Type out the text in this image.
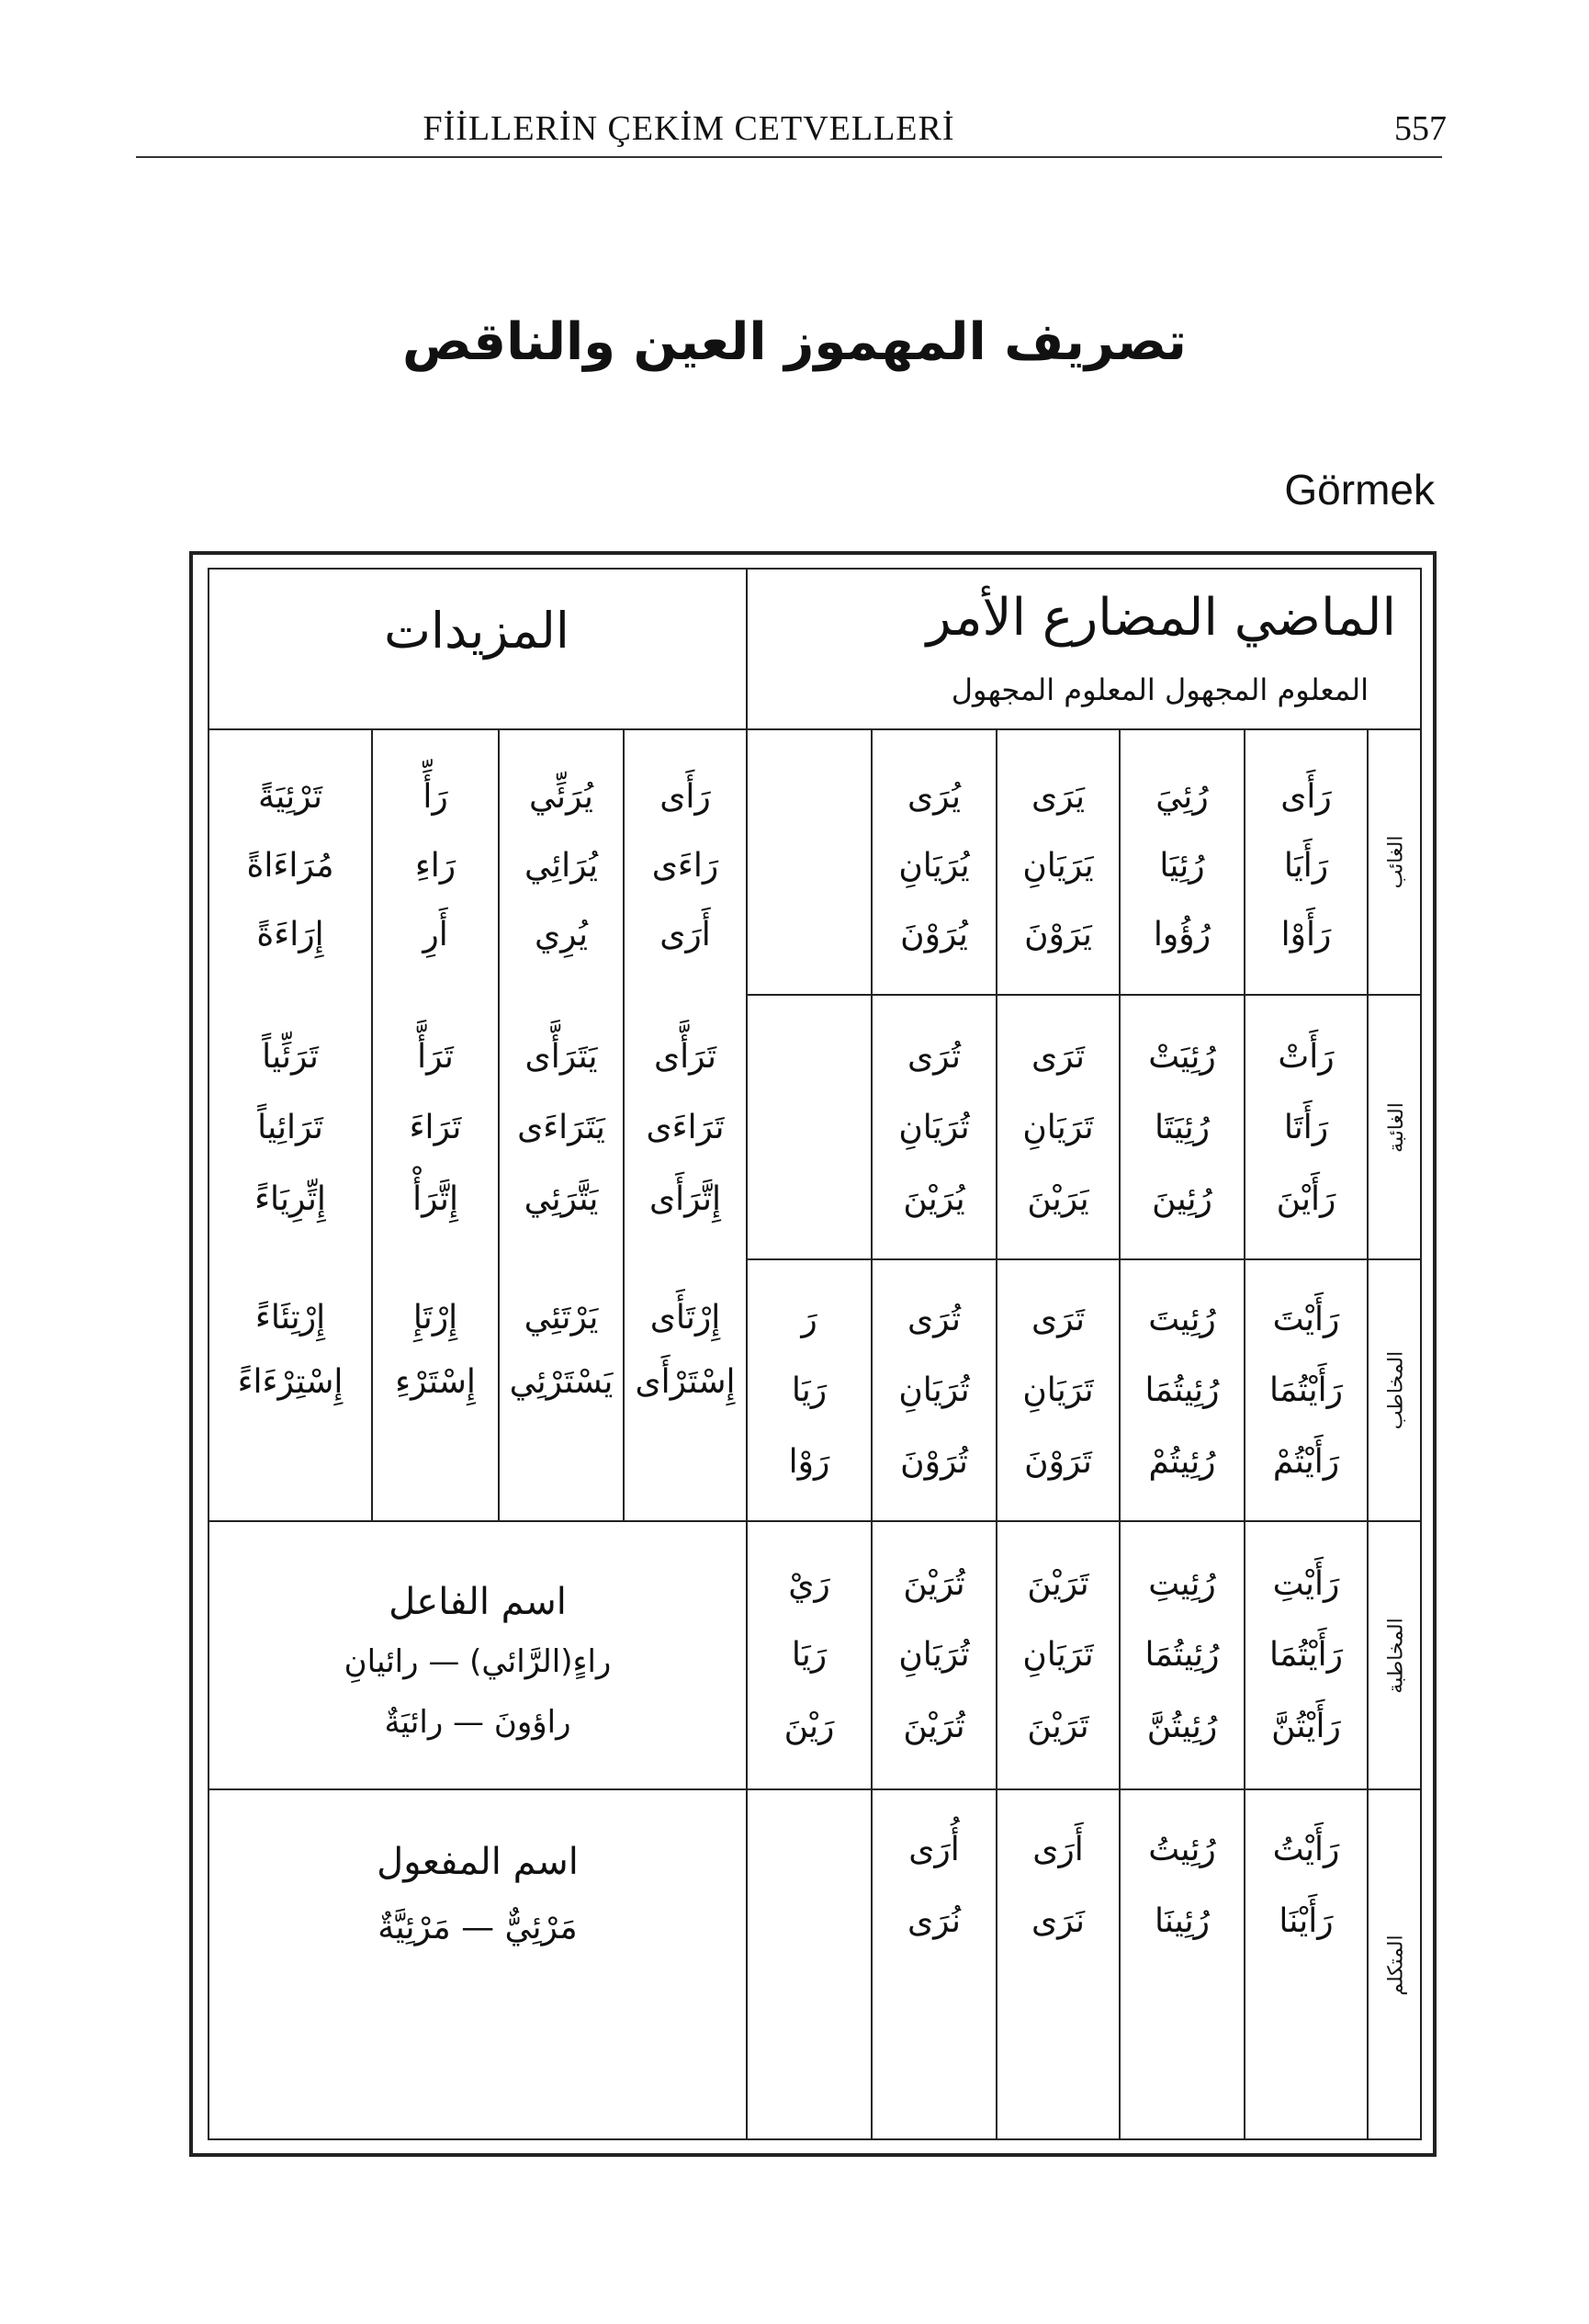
FİİLLERİN ÇEKİM CETVELLERİ	557
تصريف المهموز العين والناقص
Görmek
المزيدات	الماضي المضارع الأمر
المعلوم المجهول المعلوم المجهول
الغائب
الغائبة
المخاطب
المخاطبة
المتكلم
رَأَى
رَأَيَا
رَأَوْا
رُئِيَ
رُئِيَا
رُؤُوا
يَرَى
يَرَيَانِ
يَرَوْنَ
يُرَى
يُرَيَانِ
يُرَوْنَ
رَأَى
رَاءَى
أَرَى
يُرَئِّي
يُرَائِي
يُرِي
رَأِّ
رَاءِ
أَرِ
تَرْئِيَةً
مُرَاءَاةً
إِرَاءَةً
رَأَتْ
رَأَتَا
رَأَيْنَ
رُئِيَتْ
رُئِيَتَا
رُئِينَ
تَرَى
تَرَيَانِ
يَرَيْنَ
تُرَى
تُرَيَانِ
يُرَيْنَ
تَرَأَّى
تَرَاءَى
إِتَّرَأَى
يَتَرَأَّى
يَتَرَاءَى
يَتَّرَئِي
تَرَأَّ
تَرَاءَ
إِتَّرَأْ
تَرَئِّياً
تَرَائِياً
إِتِّرِيَاءً
رَأَيْتَ
رَأَيْتُمَا
رَأَيْتُمْ
رُئِيتَ
رُئِيتُمَا
رُئِيتُمْ
تَرَى
تَرَيَانِ
تَرَوْنَ
تُرَى
تُرَيَانِ
تُرَوْنَ
رَ
رَيَا
رَوْا
إِرْتَأَى
إِسْتَرْأَى
يَرْتَئِي
يَسْتَرْئِي
إِرْتَإِ
إِسْتَرْءِ
إِرْتِئَاءً
إِسْتِرْءَاءً
رَأَيْتِ
رَأَيْتُمَا
رَأَيْتُنَّ
رُئِيتِ
رُئِيتُمَا
رُئِيتُنَّ
تَرَيْنَ
تَرَيَانِ
تَرَيْنَ
تُرَيْنَ
تُرَيَانِ
تُرَيْنَ
رَيْ
رَيَا
رَيْنَ
اسم الفاعل
راءٍ(الرَّائي) — رائيانِ
راؤونَ — رائيَةٌ
رَأَيْتُ
رَأَيْنَا
رُئِيتُ
رُئِينَا
أَرَى
نَرَى
أُرَى
نُرَى
اسم المفعول
مَرْئِيٌّ — مَرْئِيَّةٌ
